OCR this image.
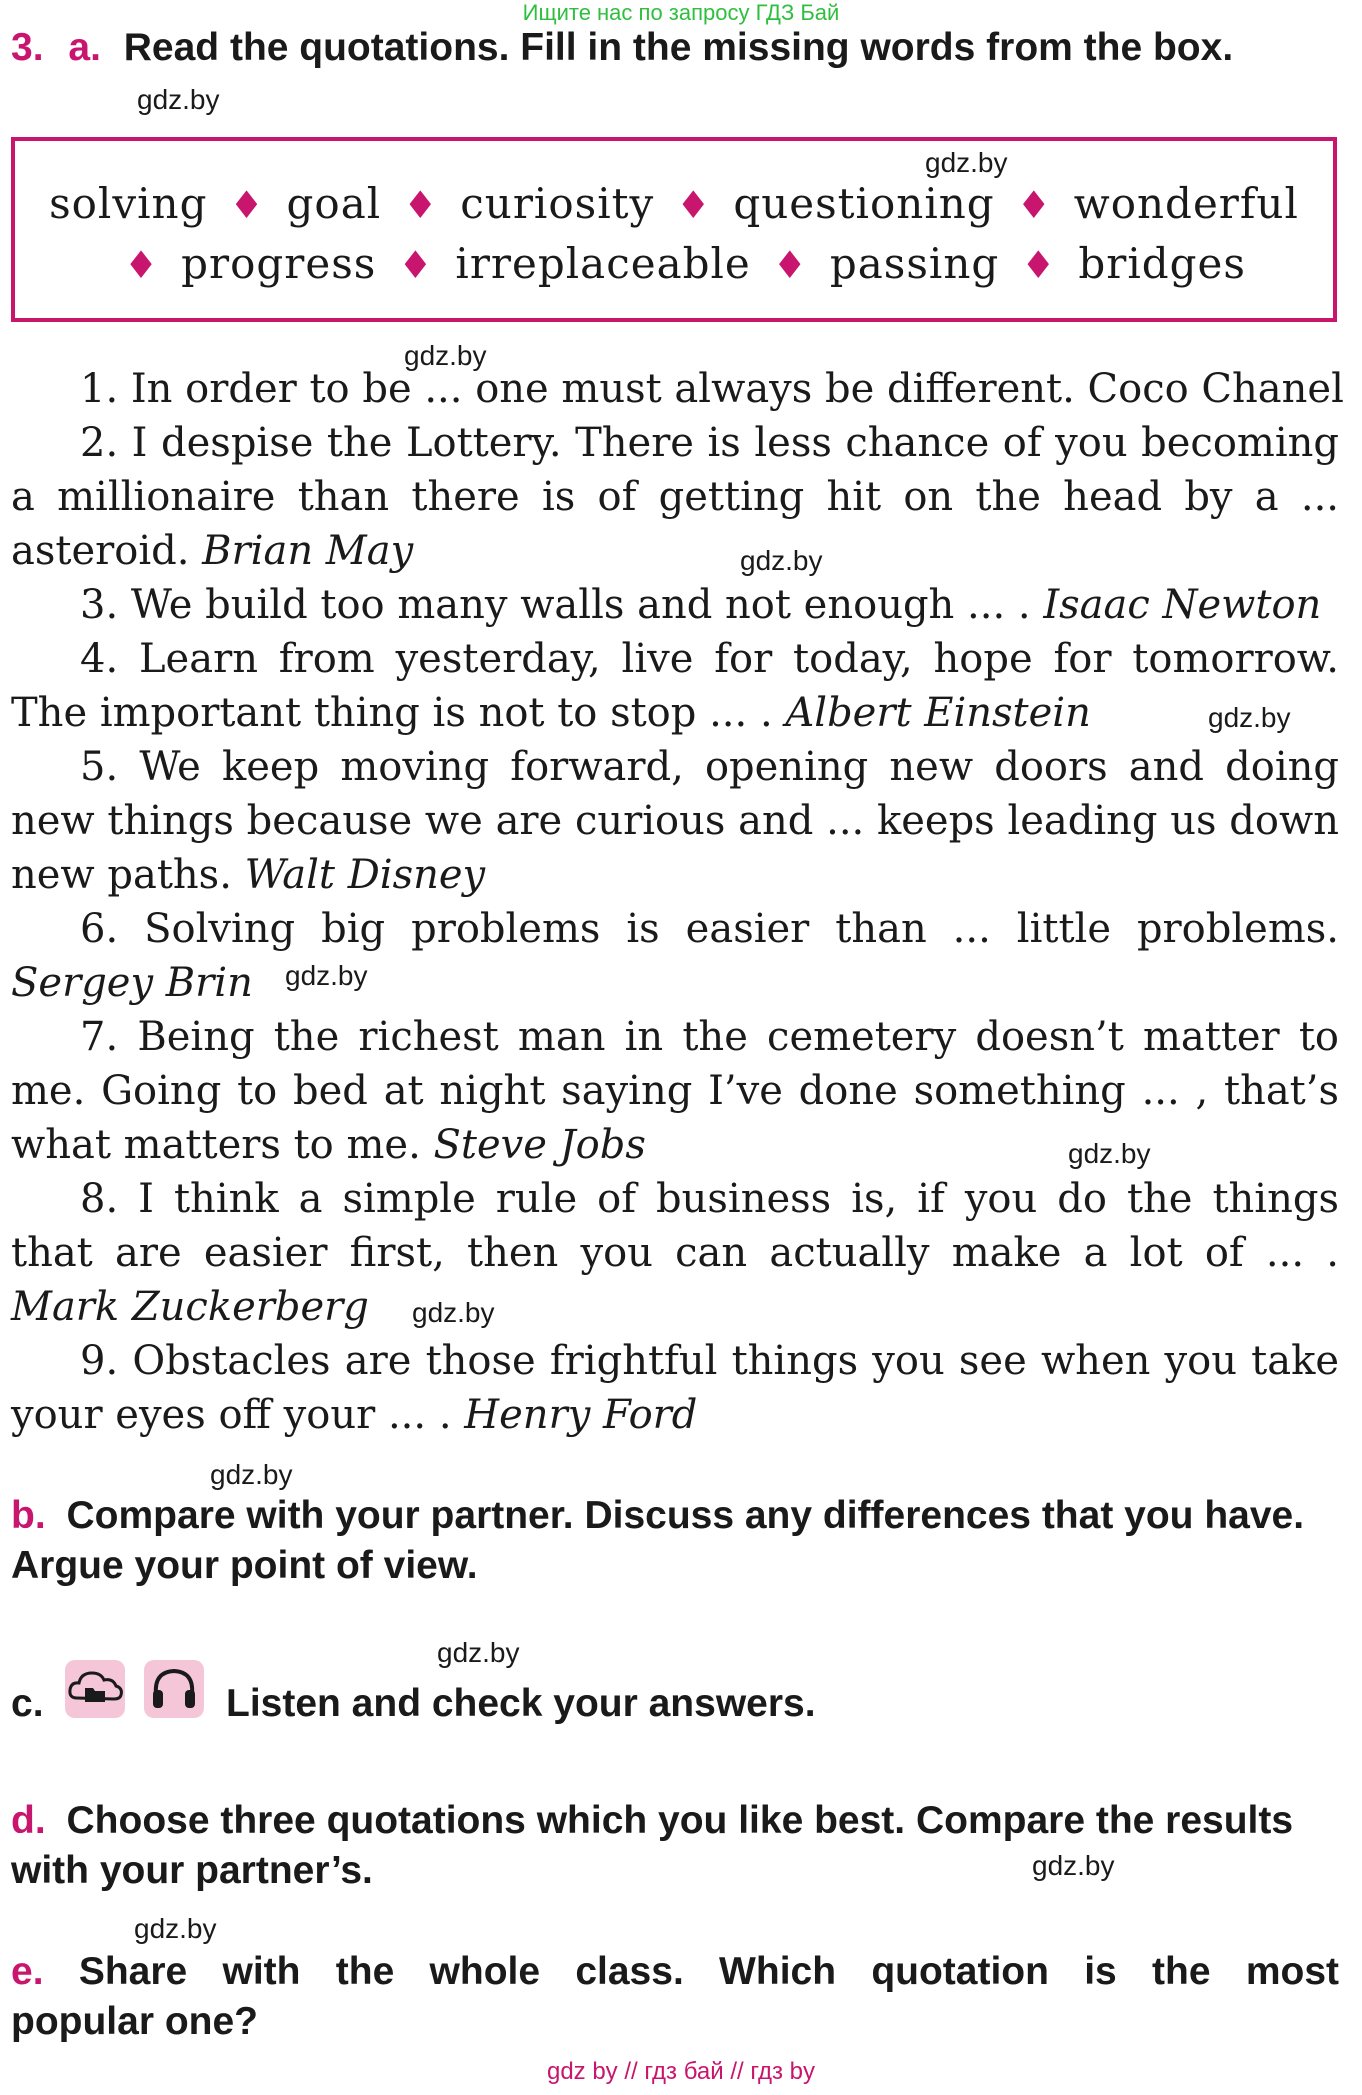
Ищите нас по запросу ГДЗ Бай
3. a. Read the quotations. Fill in the missing words from the box.
gdz.by
gdz.by
solving ♦ goal ♦ curiosity ♦ questioning ♦ wonderful
♦ progress ♦ irreplaceable ♦ passing ♦ bridges
gdz.by
1. In order to be ... one must always be different. Coco Chanel
2. I despise the Lottery. There is less chance of you becoming
a millionaire than there is of getting hit on the head by a ...
asteroid. Brian May	gdz.by
3. We build too many walls and not enough ... . Isaac Newton
4. Learn from yesterday, live for today, hope for tomorrow.
The important thing is not to stop ... . Albert Einstein	gdz.by
5. We keep moving forward, opening new doors and doing
new things because we are curious and ... keeps leading us down
new paths. Walt Disney
6. Solving big problems is easier than ... little problems.
Sergey Brin	gdz.by
7. Being the richest man in the cemetery doesn’t matter to
me. Going to bed at night saying I’ve done something ... , that’s
what matters to me. Steve Jobs	gdz.by
8. I think a simple rule of business is, if you do the things
that are easier first, then you can actually make a lot of ... .
Mark Zuckerberg	gdz.by
9. Obstacles are those frightful things you see when you take
your eyes off your ... . Henry Ford
gdz.by
b. Compare with your partner. Discuss any differences that you have.
Argue your point of view.
gdz.by
c.	Listen and check your answers.
d. Choose three quotations which you like best. Compare the results
with your partner’s.	gdz.by
gdz.by
e. Share with the whole class. Which quotation is the most
popular one?
gdz by // гдз бай // гдз by
